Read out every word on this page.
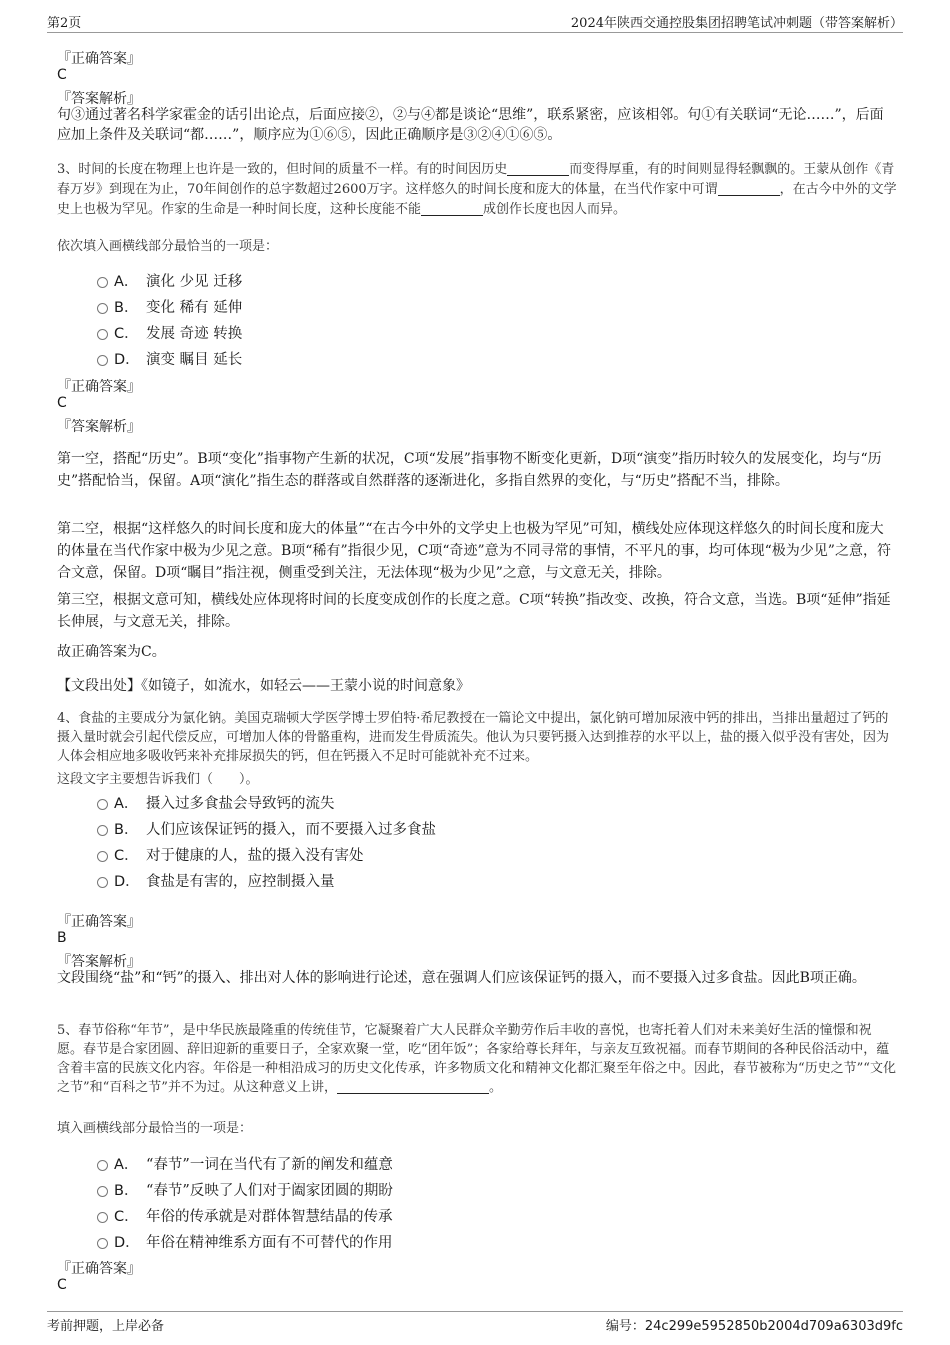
第2页	2024年陕西交通控股集团招聘笔试冲刺题（带答案解析）
『正确答案』
C
『答案解析』
句③通过著名科学家霍金的话引出论点，后面应接②，②与④都是谈论“思维”，联系紧密，应该相邻。句①有关联词“无论……”，后面应加上条件及关联词“都……”，顺序应为①⑥⑤，因此正确顺序是③②④①⑥⑤。
3、时间的长度在物理上也许是一致的，但时间的质量不一样。有的时间因历史	而变得厚重，有的时间则显得轻飘飘的。王蒙从创作《青春万岁》到现在为止，70年间创作的总字数超过2600万字。这样悠久的时间长度和庞大的体量，在当代作家中可谓	，在古今中外的文学史上也极为罕见。作家的生命是一种时间长度，这种长度能不能	成创作长度也因人而异。
依次填入画横线部分最恰当的一项是：
A． 演化 少见 迁移
B． 变化 稀有 延伸
C． 发展 奇迹 转换
D． 演变 瞩目 延长
『正确答案』
C
『答案解析』
第一空，搭配“历史”。B项“变化”指事物产生新的状况，C项“发展”指事物不断变化更新，D项“演变”指历时较久的发展变化，均与“历史”搭配恰当，保留。A项“演化”指生态的群落或自然群落的逐渐进化，多指自然界的变化，与“历史”搭配不当，排除。
第二空，根据“这样悠久的时间长度和庞大的体量”“在古今中外的文学史上也极为罕见”可知，横线处应体现这样悠久的时间长度和庞大的体量在当代作家中极为少见之意。B项“稀有”指很少见，C项“奇迹”意为不同寻常的事情，不平凡的事，均可体现“极为少见”之意，符合文意，保留。D项“瞩目”指注视，侧重受到关注，无法体现“极为少见”之意，与文意无关，排除。
第三空，根据文意可知，横线处应体现将时间的长度变成创作的长度之意。C项“转换”指改变、改换，符合文意，当选。B项“延伸”指延长伸展，与文意无关，排除。
故正确答案为C。
【文段出处】《如镜子，如流水，如轻云——王蒙小说的时间意象》
4、食盐的主要成分为氯化钠。美国克瑞顿大学医学博士罗伯特·希尼教授在一篇论文中提出，氯化钠可增加尿液中钙的排出，当排出量超过了钙的摄入量时就会引起代偿反应，可增加人体的骨骼重构，进而发生骨质流失。他认为只要钙摄入达到推荐的水平以上，盐的摄入似乎没有害处，因为人体会相应地多吸收钙来补充排尿损失的钙，但在钙摄入不足时可能就补充不过来。
这段文字主要想告诉我们（　　）。
A． 摄入过多食盐会导致钙的流失
B． 人们应该保证钙的摄入，而不要摄入过多食盐
C． 对于健康的人，盐的摄入没有害处
D． 食盐是有害的，应控制摄入量
『正确答案』
B
『答案解析』
文段围绕“盐”和“钙”的摄入、排出对人体的影响进行论述，意在强调人们应该保证钙的摄入，而不要摄入过多食盐。因此B项正确。
5、春节俗称“年节”，是中华民族最隆重的传统佳节，它凝聚着广大人民群众辛勤劳作后丰收的喜悦，也寄托着人们对未来美好生活的憧憬和祝愿。春节是合家团圆、辞旧迎新的重要日子，全家欢聚一堂，吃“团年饭”；各家给尊长拜年，与亲友互致祝福。而春节期间的各种民俗活动中，蕴含着丰富的民族文化内容。年俗是一种相沿成习的历史文化传承，许多物质文化和精神文化都汇聚至年俗之中。因此，春节被称为“历史之节”“文化之节”和“百科之节”并不为过。从这种意义上讲，	。
填入画横线部分最恰当的一项是：
A． “春节”一词在当代有了新的阐发和蕴意
B． “春节”反映了人们对于阖家团圆的期盼
C． 年俗的传承就是对群体智慧结晶的传承
D． 年俗在精神维系方面有不可替代的作用
『正确答案』
C
考前押题，上岸必备	编号：24c299e5952850b2004d709a6303d9fc
